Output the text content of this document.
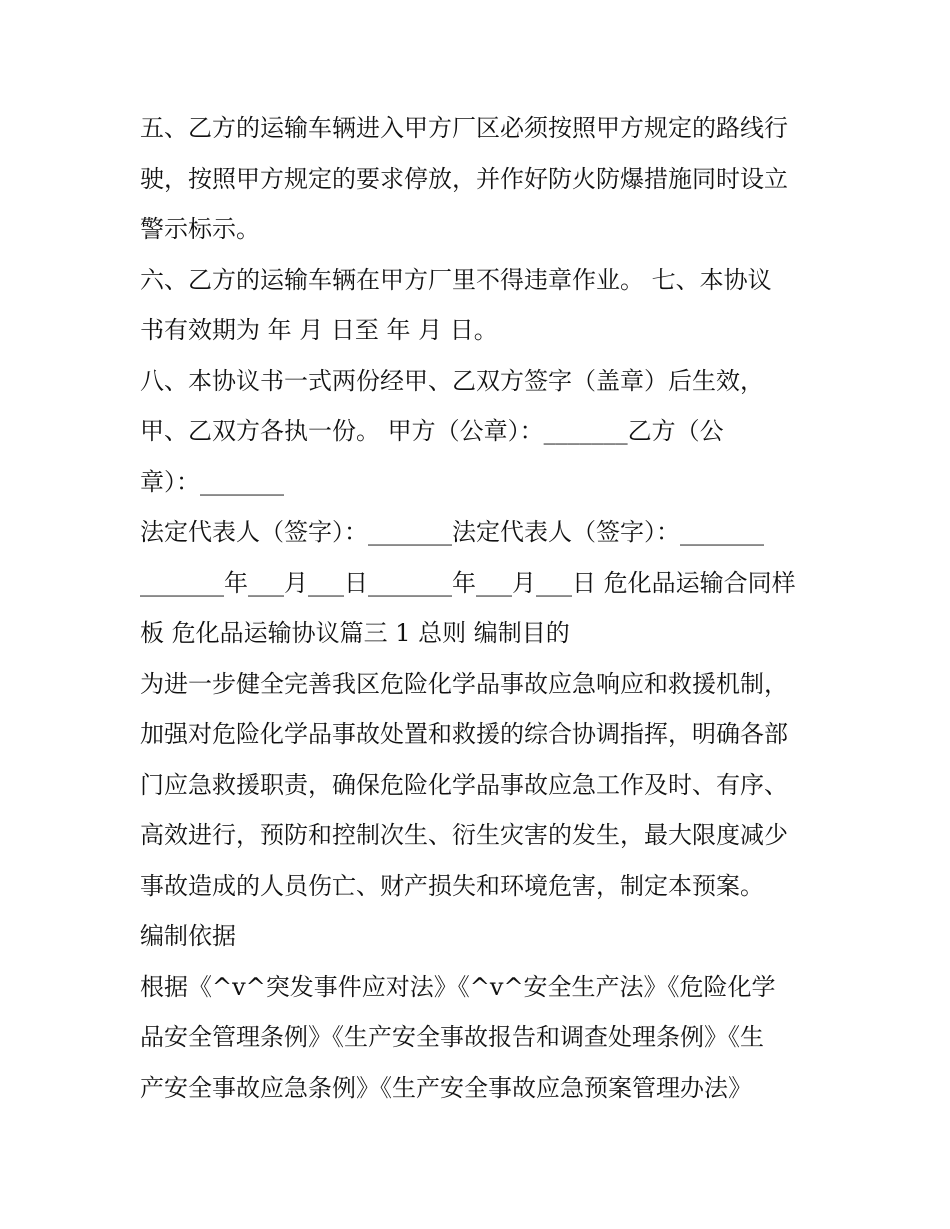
五、乙方的运输车辆进入甲方厂区必须按照甲方规定的路线行
驶，按照甲方规定的要求停放，并作好防火防爆措施同时设立
警示标示。
六、乙方的运输车辆在甲方厂里不得违章作业。 七、本协议
书有效期为 年 月 日至 年 月 日。
八、本协议书一式两份经甲、乙双方签字（盖章）后生效，
甲、乙双方各执一份。 甲方（公章）：_______乙方（公
章）：_______
法定代表人（签字）：_______法定代表人（签字）：_______
_______年___月___日_______年___月___日 危化品运输合同样
板 危化品运输协议篇三 1 总则 编制目的
为进一步健全完善我区危险化学品事故应急响应和救援机制，
加强对危险化学品事故处置和救援的综合协调指挥，明确各部
门应急救援职责，确保危险化学品事故应急工作及时、有序、
高效进行，预防和控制次生、衍生灾害的发生，最大限度减少
事故造成的人员伤亡、财产损失和环境危害，制定本预案。
编制依据
根据《^v^突发事件应对法》《^v^安全生产法》《危险化学
品安全管理条例》《生产安全事故报告和调查处理条例》《生
产安全事故应急条例》《生产安全事故应急预案管理办法》
